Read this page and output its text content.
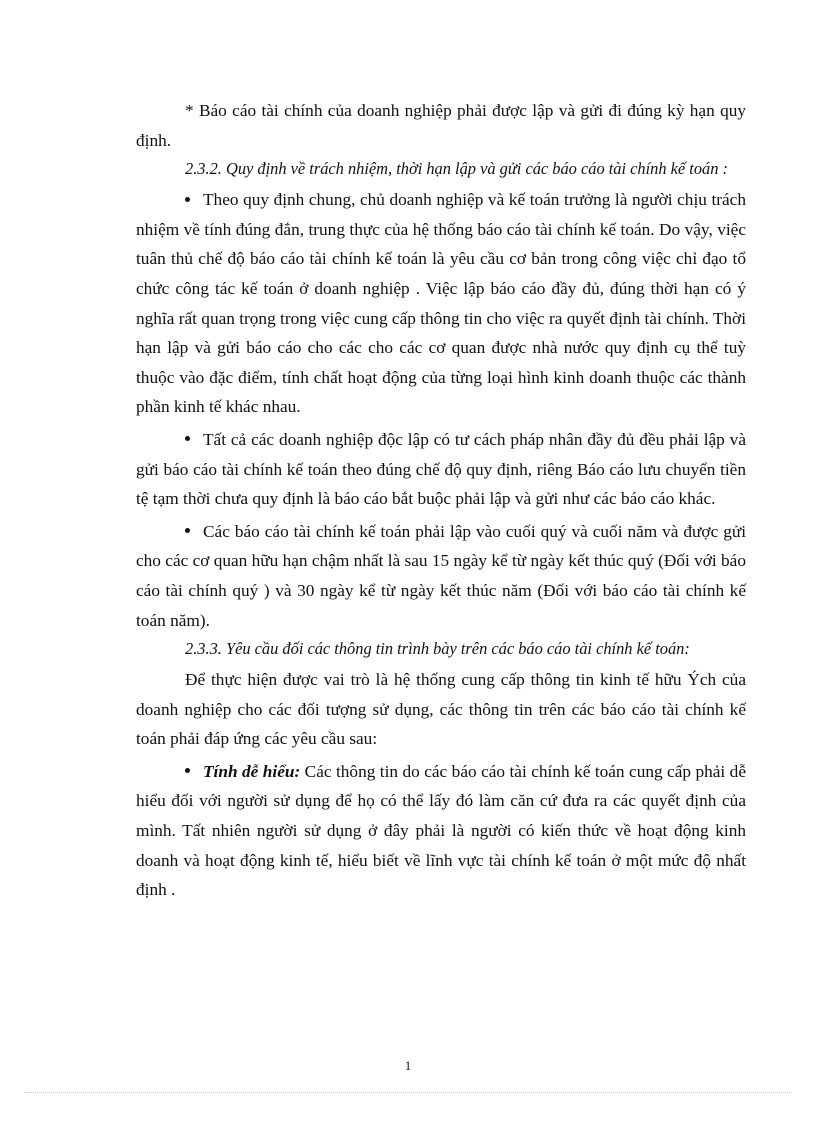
* Báo cáo tài chính của doanh nghiệp phải được lập và gửi đi đúng kỳ hạn quy định.

2.3.2. Quy định về trách nhiệm, thời hạn lập và gửi các báo cáo tài chính kế toán :

Theo quy định chung, chủ doanh nghiệp và kế toán trưởng là người chịu trách nhiệm về tính đúng đắn, trung thực của hệ thống báo cáo tài chính kế toán. Do vậy, việc tuân thủ chế độ báo cáo tài chính kế toán là yêu cầu cơ bản trong công việc chỉ đạo tổ chức công tác kế toán ở doanh nghiệp . Việc lập báo cáo đầy đủ, đúng thời hạn có ý nghĩa rất quan trọng trong việc cung cấp thông tin cho việc ra quyết định tài chính. Thời hạn lập và gửi báo cáo cho các cho các cơ quan được nhà nước quy định cụ thể tuỳ thuộc vào đặc điểm, tính chất hoạt động của từng loại hình kinh doanh thuộc các thành phần kinh tế khác nhau.

Tất cả các doanh nghiệp độc lập có tư cách pháp nhân đầy đủ đều phải lập và gửi báo cáo tài chính kế toán theo đúng chế độ quy định, riêng Báo cáo lưu chuyển tiền tệ tạm thời chưa quy định là báo cáo bắt buộc phải lập và gửi như các báo cáo khác.

Các báo cáo tài chính kế toán phải lập vào cuối quý và cuối năm và được gửi cho các cơ quan hữu hạn chậm nhất là sau 15 ngày kể từ ngày kết thúc quý (Đối với báo cáo tài chính quý ) và 30 ngày kể từ ngày kết thúc năm (Đối với báo cáo tài chính kế toán năm).

2.3.3. Yêu cầu đối các thông tin trình bày trên các báo cáo tài chính kế toán:

Để thực hiện được vai trò là hệ thống cung cấp thông tin kinh tế hữu Ých của doanh nghiệp cho các đối tượng sử dụng, các thông tin trên các báo cáo tài chính kế toán phải đáp ứng các yêu cầu sau:

Tính dễ hiểu: Các thông tin do các báo cáo tài chính kế toán cung cấp phải dễ hiểu đối với người sử dụng để họ có thể lấy đó làm căn cứ đưa ra các quyết định của mình. Tất nhiên người sử dụng ở đây phải là người có kiến thức về hoạt động kinh doanh và hoạt động kinh tế, hiểu biết về lĩnh vực tài chính kế toán ở một mức độ nhất định .

1
